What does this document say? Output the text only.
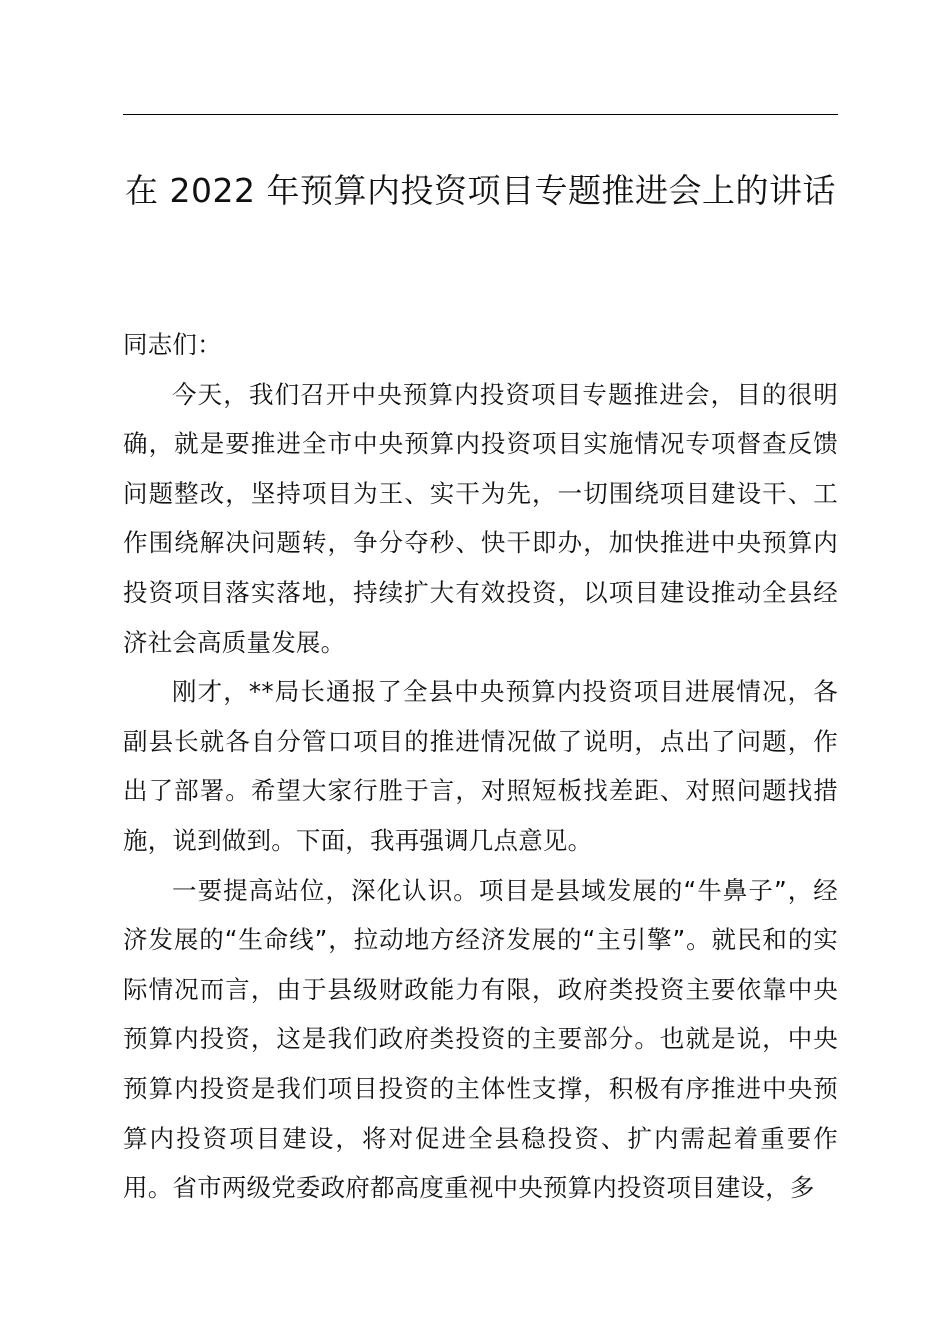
在 2022 年预算内投资项目专题推进会上的讲话

同志们：

今天，我们召开中央预算内投资项目专题推进会，目的很明确，就是要推进全市中央预算内投资项目实施情况专项督查反馈问题整改，坚持项目为王、实干为先，一切围绕项目建设干、工作围绕解决问题转，争分夺秒、快干即办，加快推进中央预算内投资项目落实落地，持续扩大有效投资，以项目建设推动全县经济社会高质量发展。

刚才，**局长通报了全县中央预算内投资项目进展情况，各副县长就各自分管口项目的推进情况做了说明，点出了问题，作出了部署。希望大家行胜于言，对照短板找差距、对照问题找措施，说到做到。下面，我再强调几点意见。

一要提高站位，深化认识。项目是县域发展的“牛鼻子”，经济发展的“生命线”，拉动地方经济发展的“主引擎”。就民和的实际情况而言，由于县级财政能力有限，政府类投资主要依靠中央预算内投资，这是我们政府类投资的主要部分。也就是说，中央预算内投资是我们项目投资的主体性支撑，积极有序推进中央预算内投资项目建设，将对促进全县稳投资、扩内需起着重要作用。省市两级党委政府都高度重视中央预算内投资项目建设，多
